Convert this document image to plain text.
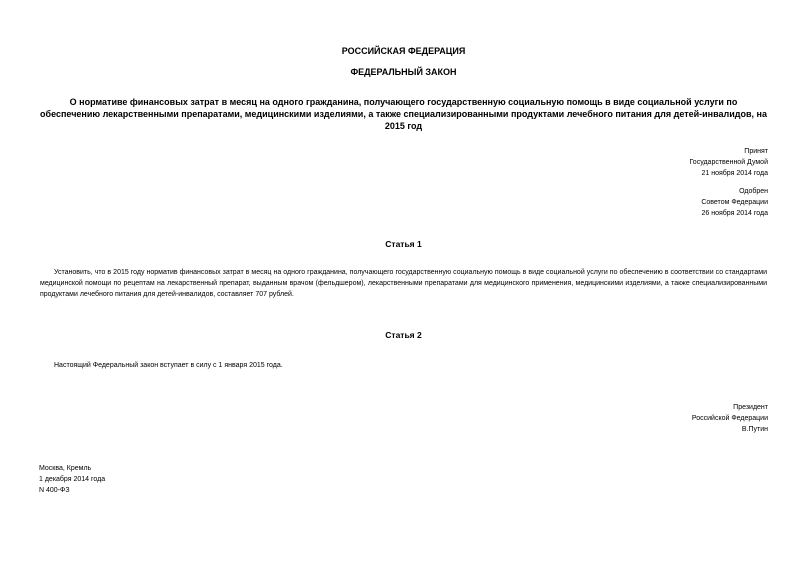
РОССИЙСКАЯ ФЕДЕРАЦИЯ

ФЕДЕРАЛЬНЫЙ ЗАКОН

О нормативе финансовых затрат в месяц на одного гражданина, получающего государственную социальную помощь в виде социальной услуги по обеспечению лекарственными препаратами, медицинскими изделиями, а также специализированными продуктами лечебного питания для детей-инвалидов, на 2015 год

Принят
Государственной Думой
21 ноября 2014 года
Одобрен
Советом Федерации
26 ноября 2014 года

Статья 1

Установить, что в 2015 году норматив финансовых затрат в месяц на одного гражданина, получающего государственную социальную помощь в виде социальной услуги по обеспечению в соответствии со стандартами медицинской помощи по рецептам на лекарственный препарат, выданным врачом (фельдшером), лекарственными препаратами для медицинского применения, медицинскими изделиями, а также специализированными продуктами лечебного питания для детей-инвалидов, составляет 707 рублей.

Статья 2

Настоящий Федеральный закон вступает в силу с 1 января 2015 года.

Президент
Российской Федерации
В.Путин
Москва, Кремль
1 декабря 2014 года
N 400-ФЗ
